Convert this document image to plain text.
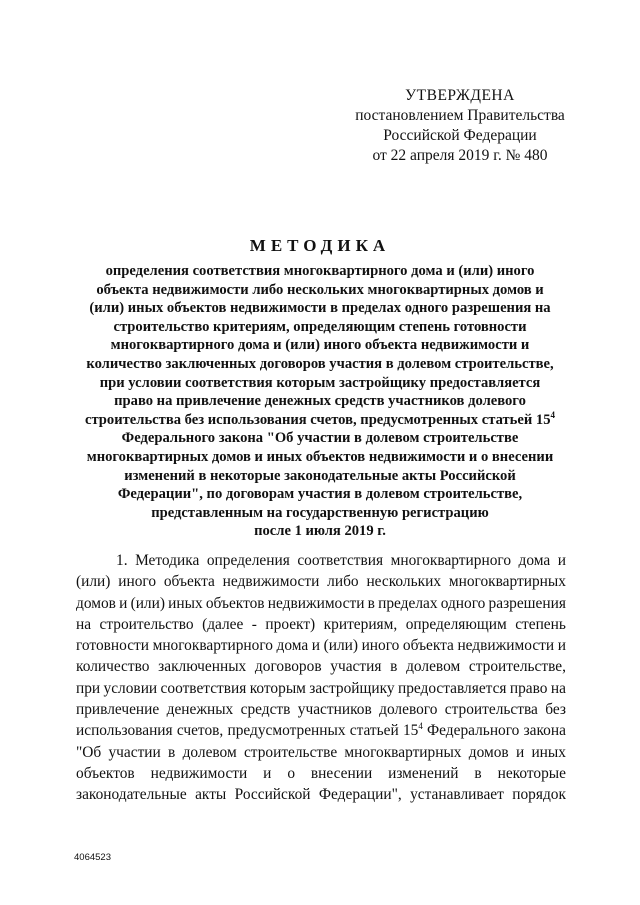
УТВЕРЖДЕНА
постановлением Правительства
Российской Федерации
от 22 апреля 2019 г. № 480
МЕТОДИКА
определения соответствия многоквартирного дома и (или) иного
объекта недвижимости либо нескольких многоквартирных домов и
(или) иных объектов недвижимости в пределах одного разрешения на
строительство критериям, определяющим степень готовности
многоквартирного дома и (или) иного объекта недвижимости и
количество заключенных договоров участия в долевом строительстве,
при условии соответствия которым застройщику предоставляется
право на привлечение денежных средств участников долевого
строительства без использования счетов, предусмотренных статьей $15^4$
Федерального закона "Об участии в долевом строительстве
многоквартирных домов и иных объектов недвижимости и о внесении
изменений в некоторые законодательные акты Российской
Федерации", по договорам участия в долевом строительстве,
представленным на государственную регистрацию
после 1 июля 2019 г.
1. Методика определения соответствия многоквартирного дома и
(или) иного объекта недвижимости либо нескольких многоквартирных
домов и (или) иных объектов недвижимости в пределах одного разрешения
на строительство (далее - проект) критериям, определяющим степень
готовности многоквартирного дома и (или) иного объекта недвижимости и
количество заключенных договоров участия в долевом строительстве,
при условии соответствия которым застройщику предоставляется право на
привлечение денежных средств участников долевого строительства без
использования счетов, предусмотренных статьей $15^4$ Федерального закона
"Об участии в долевом строительстве многоквартирных домов и иных
объектов недвижимости и о внесении изменений в некоторые
законодательные акты Российской Федерации", устанавливает порядок
4064523
